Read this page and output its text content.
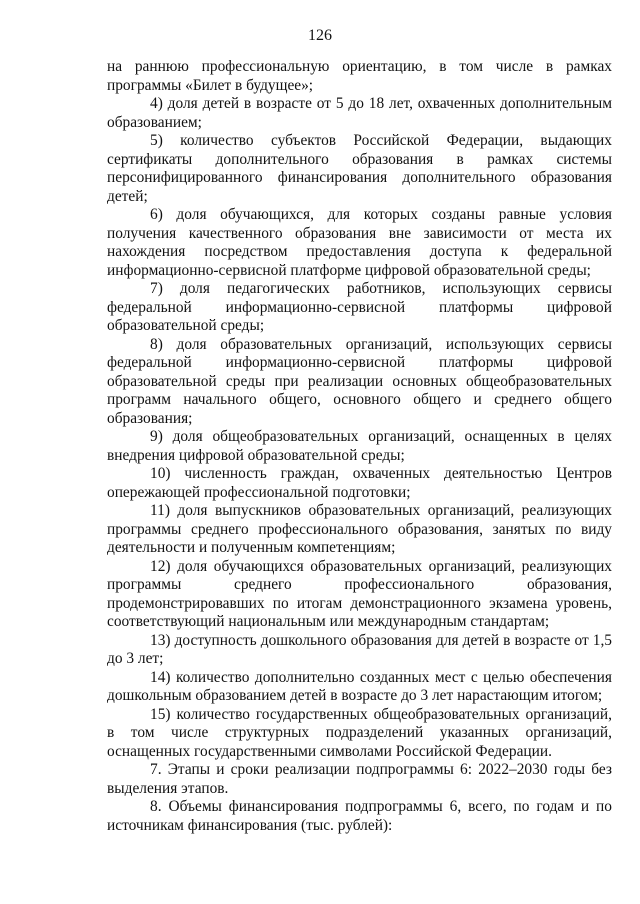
126

на раннюю профессиональную ориентацию, в том числе в рамках программы «Билет в будущее»;

4) доля детей в возрасте от 5 до 18 лет, охваченных дополнительным образованием;

5) количество субъектов Российской Федерации, выдающих сертификаты дополнительного образования в рамках системы персонифицированного финансирования дополнительного образования детей;

6) доля обучающихся, для которых созданы равные условия получения качественного образования вне зависимости от места их нахождения посредством предоставления доступа к федеральной информационно-сервисной платформе цифровой образовательной среды;

7) доля педагогических работников, использующих сервисы федеральной информационно-сервисной платформы цифровой образовательной среды;

8) доля образовательных организаций, использующих сервисы федеральной информационно-сервисной платформы цифровой образовательной среды при реализации основных общеобразовательных программ начального общего, основного общего и среднего общего образования;

9) доля общеобразовательных организаций, оснащенных в целях внедрения цифровой образовательной среды;

10) численность граждан, охваченных деятельностью Центров опережающей профессиональной подготовки;

11) доля выпускников образовательных организаций, реализующих программы среднего профессионального образования, занятых по виду деятельности и полученным компетенциям;

12) доля обучающихся образовательных организаций, реализующих программы среднего профессионального образования, продемонстрировавших по итогам демонстрационного экзамена уровень, соответствующий национальным или международным стандартам;

13) доступность дошкольного образования для детей в возрасте от 1,5 до 3 лет;

14) количество дополнительно созданных мест с целью обеспечения дошкольным образованием детей в возрасте до 3 лет нарастающим итогом;

15) количество государственных общеобразовательных организаций, в том числе структурных подразделений указанных организаций, оснащенных государственными символами Российской Федерации.

7. Этапы и сроки реализации подпрограммы 6: 2022–2030 годы без выделения этапов.

8. Объемы финансирования подпрограммы 6, всего, по годам и по источникам финансирования (тыс. рублей):
